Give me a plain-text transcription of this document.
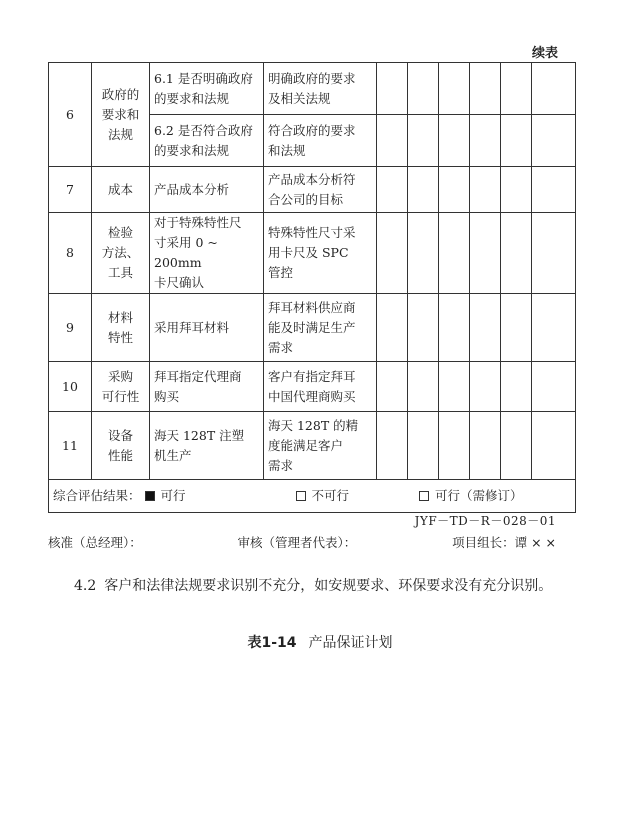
续表
6	政府的
要求和
法规	6.1 是否明确政府的要求和法规	明确政府的要求
及相关法规						
		6.2 是否符合政府的要求和法规	符合政府的要求
和法规						
7	成本	产品成本分析	产品成本分析符
合公司的目标						
8	检验
方法、
工具	对于特殊特性尺
寸采用 0 ~ 200mm
卡尺确认	特殊特性尺寸采
用卡尺及 SPC
管控						
9	材料
特性	采用拜耳材料	拜耳材料供应商
能及时满足生产
需求						
10	采购
可行性	拜耳指定代理商
购买	客户有指定拜耳
中国代理商购买						
11	设备
性能	海天 128T 注塑
机生产	海天 128T 的精
度能满足客户
需求						

综合评估结果： 可行 不可行 可行（需修订）									
JYF－TD－R－028－01
核准（总经理）：	审核（管理者代表）：	项目组长：谭 × ×
4.2 客户和法律法规要求识别不充分，如安规要求、环保要求没有充分识别。
表1-14 产品保证计划
